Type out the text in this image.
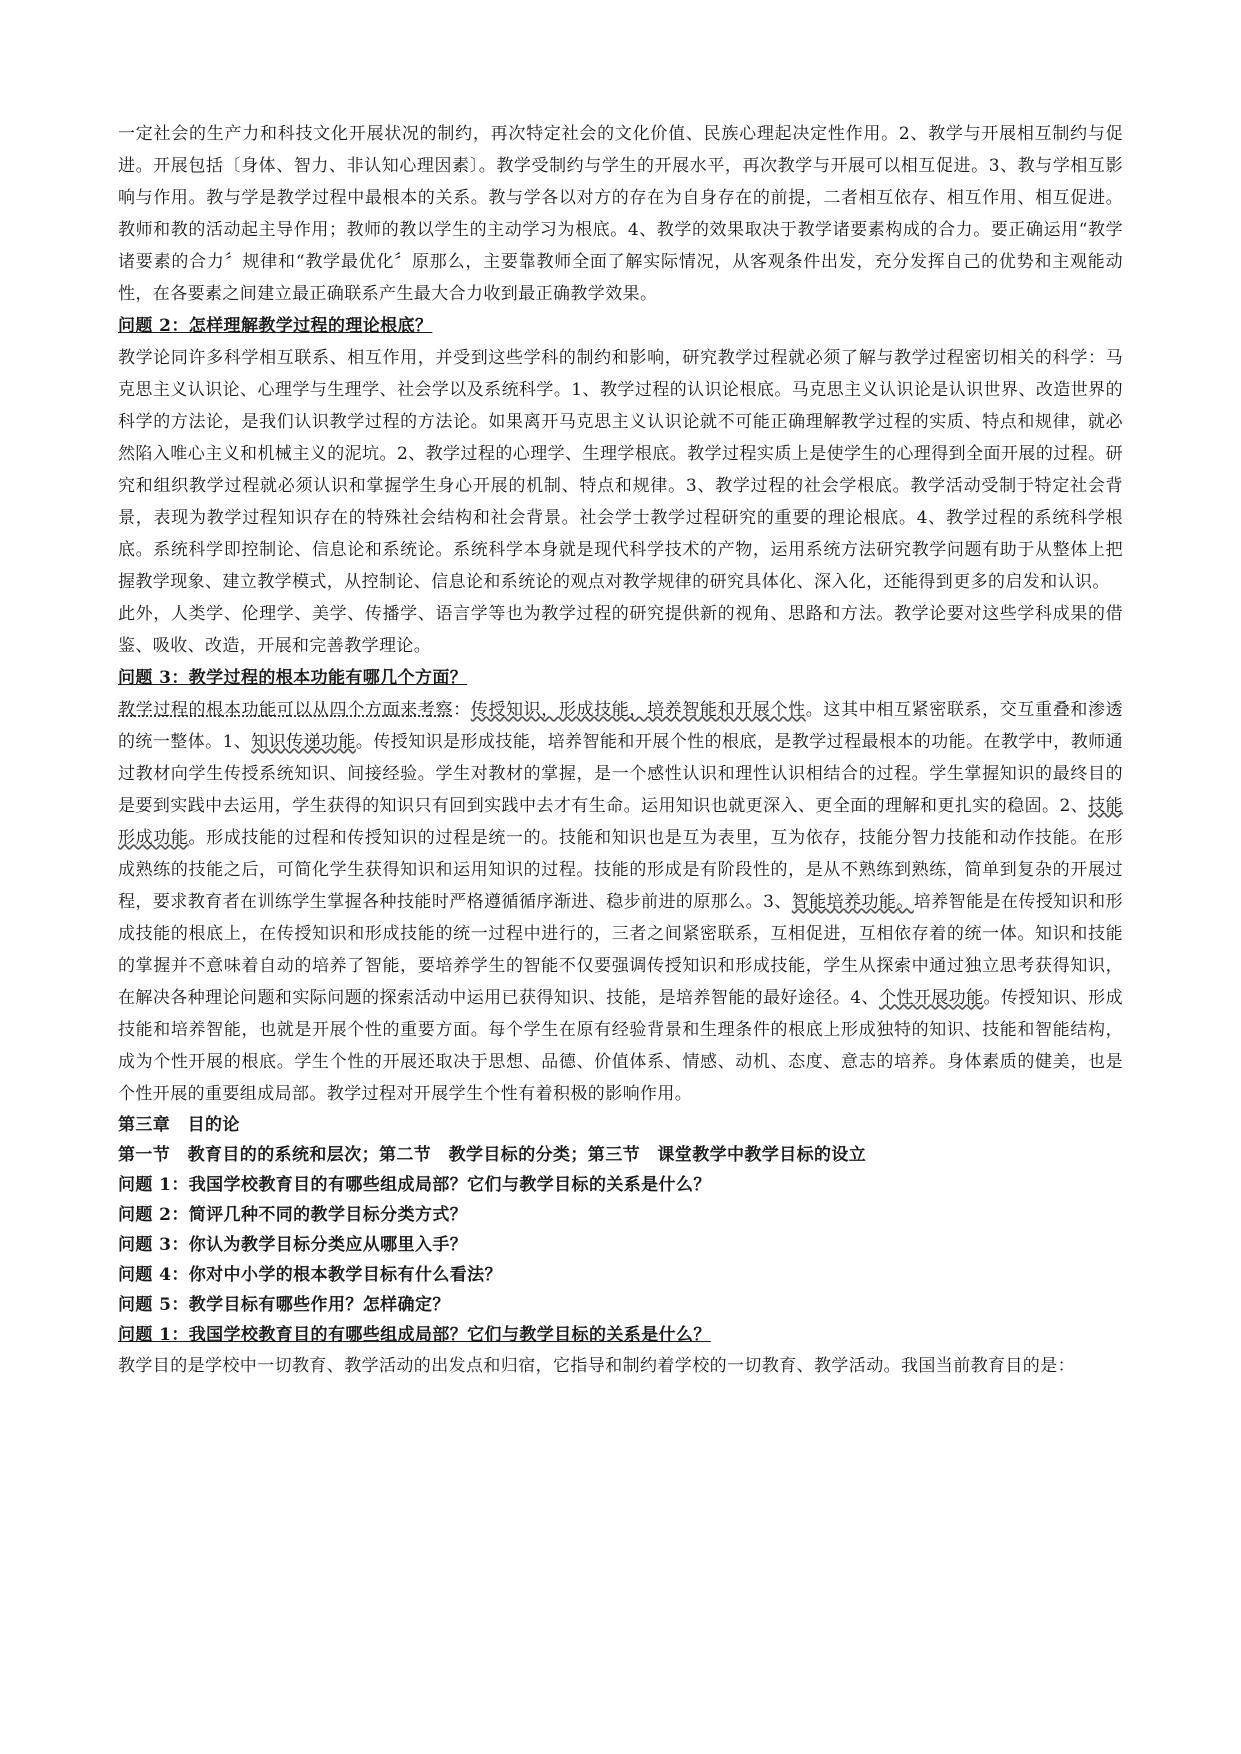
一定社会的生产力和科技文化开展状况的制约，再次特定社会的文化价值、民族心理起决定性作用。2、教学与开展相互制约与促进。开展包括〔身体、智力、非认知心理因素〕。教学受制约与学生的开展水平，再次教学与开展可以相互促进。3、教与学相互影响与作用。教与学是教学过程中最根本的关系。教与学各以对方的存在为自身存在的前提，二者相互依存、相互作用、相互促进。教师和教的活动起主导作用；教师的教以学生的主动学习为根底。4、教学的效果取决于教学诸要素构成的合力。要正确运用“教学诸要素的合力〞规律和“教学最优化〞原那么，主要靠教师全面了解实际情况，从客观条件出发，充分发挥自己的优势和主观能动性，在各要素之间建立最正确联系产生最大合力收到最正确教学效果。

问题 2：怎样理解教学过程的理论根底？

教学论同许多科学相互联系、相互作用，并受到这些学科的制约和影响，研究教学过程就必须了解与教学过程密切相关的科学：马克思主义认识论、心理学与生理学、社会学以及系统科学。1、教学过程的认识论根底。马克思主义认识论是认识世界、改造世界的科学的方法论，是我们认识教学过程的方法论。如果离开马克思主义认识论就不可能正确理解教学过程的实质、特点和规律，就必然陷入唯心主义和机械主义的泥坑。2、教学过程的心理学、生理学根底。教学过程实质上是使学生的心理得到全面开展的过程。研究和组织教学过程就必须认识和掌握学生身心开展的机制、特点和规律。3、教学过程的社会学根底。教学活动受制于特定社会背景，表现为教学过程知识存在的特殊社会结构和社会背景。社会学士教学过程研究的重要的理论根底。4、教学过程的系统科学根底。系统科学即控制论、信息论和系统论。系统科学本身就是现代科学技术的产物，运用系统方法研究教学问题有助于从整体上把握教学现象、建立教学模式，从控制论、信息论和系统论的观点对教学规律的研究具体化、深入化，还能得到更多的启发和认识。

此外，人类学、伦理学、美学、传播学、语言学等也为教学过程的研究提供新的视角、思路和方法。教学论要对这些学科成果的借鉴、吸收、改造，开展和完善教学理论。

问题 3：教学过程的根本功能有哪几个方面？

教学过程的根本功能可以从四个方面来考察：传授知识，形成技能，培养智能和开展个性。这其中相互紧密联系，交互重叠和渗透的统一整体。1、知识传递功能。传授知识是形成技能，培养智能和开展个性的根底，是教学过程最根本的功能。在教学中，教师通过教材向学生传授系统知识、间接经验。学生对教材的掌握，是一个感性认识和理性认识相结合的过程。学生掌握知识的最终目的是要到实践中去运用，学生获得的知识只有回到实践中去才有生命。运用知识也就更深入、更全面的理解和更扎实的稳固。2、技能形成功能。形成技能的过程和传授知识的过程是统一的。技能和知识也是互为表里，互为依存，技能分智力技能和动作技能。在形成熟练的技能之后，可简化学生获得知识和运用知识的过程。技能的形成是有阶段性的，是从不熟练到熟练，简单到复杂的开展过程，要求教育者在训练学生掌握各种技能时严格遵循循序渐进、稳步前进的原那么。3、智能培养功能。培养智能是在传授知识和形成技能的根底上，在传授知识和形成技能的统一过程中进行的，三者之间紧密联系，互相促进，互相依存着的统一体。知识和技能的掌握并不意味着自动的培养了智能，要培养学生的智能不仅要强调传授知识和形成技能，学生从探索中通过独立思考获得知识，在解决各种理论问题和实际问题的探索活动中运用已获得知识、技能，是培养智能的最好途径。4、个性开展功能。传授知识、形成技能和培养智能，也就是开展个性的重要方面。每个学生在原有经验背景和生理条件的根底上形成独特的知识、技能和智能结构，成为个性开展的根底。学生个性的开展还取决于思想、品德、价值体系、情感、动机、态度、意志的培养。身体素质的健美，也是个性开展的重要组成局部。教学过程对开展学生个性有着积极的影响作用。

第三章　目的论

第一节　教育目的的系统和层次；第二节　教学目标的分类；第三节　课堂教学中教学目标的设立

问题 1：我国学校教育目的有哪些组成局部？它们与教学目标的关系是什么？

问题 2：简评几种不同的教学目标分类方式？

问题 3：你认为教学目标分类应从哪里入手？

问题 4：你对中小学的根本教学目标有什么看法？

问题 5：教学目标有哪些作用？怎样确定？

问题 1：我国学校教育目的有哪些组成局部？它们与教学目标的关系是什么？

教学目的是学校中一切教育、教学活动的出发点和归宿，它指导和制约着学校的一切教育、教学活动。我国当前教育目的是：
